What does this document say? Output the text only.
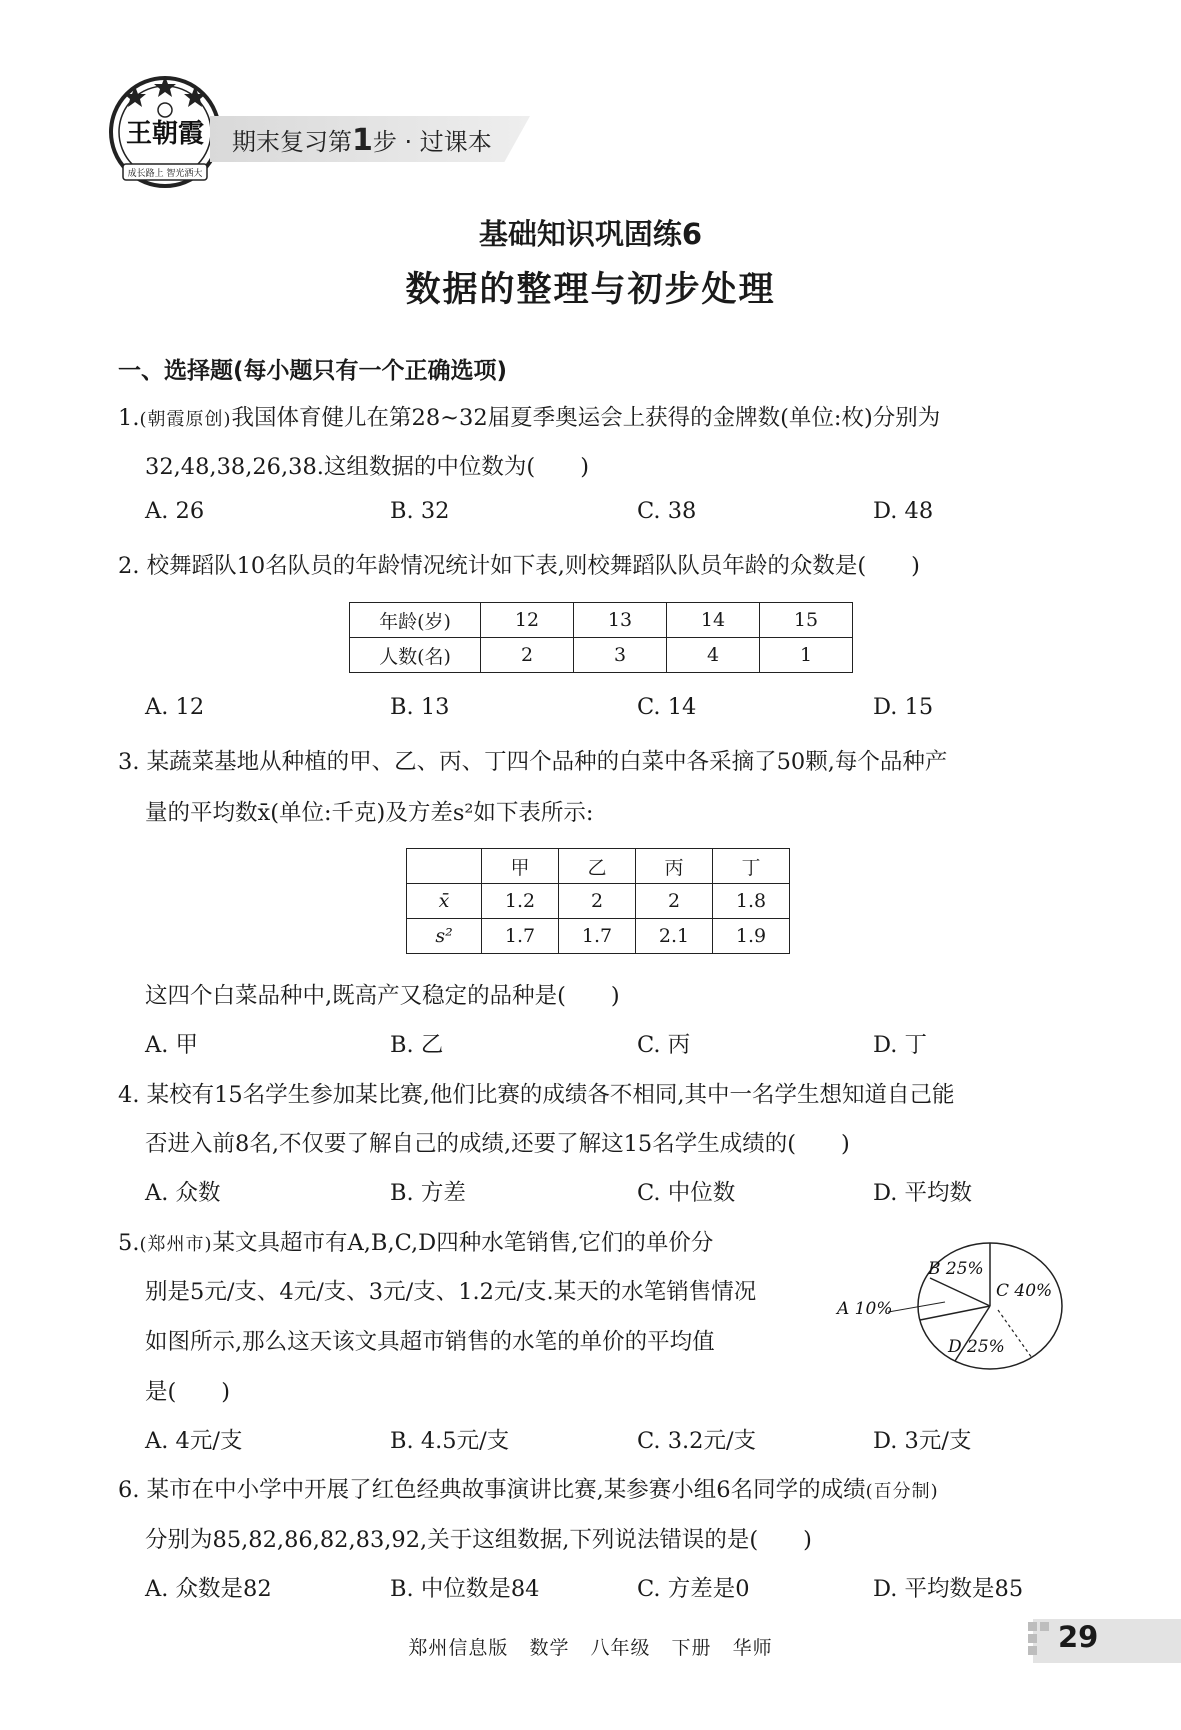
王朝霞
成长路上 智光洒大
期末复习第1步 · 过课本
基础知识巩固练6
数据的整理与初步处理
一、选择题(每小题只有一个正确选项)
1.(朝霞原创)我国体育健儿在第28~32届夏季奥运会上获得的金牌数(单位:枚)分别为
32,48,38,26,38.这组数据的中位数为(　　)
A. 26	B. 32	C. 38	D. 48
2. 校舞蹈队10名队员的年龄情况统计如下表,则校舞蹈队队员年龄的众数是(　　)
年龄(岁)	12	13	14	15
人数(名)	2	3	4	1
A. 12	B. 13	C. 14	D. 15
3. 某蔬菜基地从种植的甲、乙、丙、丁四个品种的白菜中各采摘了50颗,每个品种产
量的平均数x̄(单位:千克)及方差s²如下表所示:
	甲	乙	丙	丁
x̄	1.2	2	2	1.8
s²	1.7	1.7	2.1	1.9
这四个白菜品种中,既高产又稳定的品种是(　　)
A. 甲	B. 乙	C. 丙	D. 丁
4. 某校有15名学生参加某比赛,他们比赛的成绩各不相同,其中一名学生想知道自己能
否进入前8名,不仅要了解自己的成绩,还要了解这15名学生成绩的(　　)
A. 众数	B. 方差	C. 中位数	D. 平均数
5.(郑州市)某文具超市有A,B,C,D四种水笔销售,它们的单价分
别是5元/支、4元/支、3元/支、1.2元/支.某天的水笔销售情况
如图所示,那么这天该文具超市销售的水笔的单价的平均值
是(　　)
B 25%
C 40%
A 10%
D 25%
A. 4元/支	B. 4.5元/支	C. 3.2元/支	D. 3元/支
6. 某市在中小学中开展了红色经典故事演讲比赛,某参赛小组6名同学的成绩(百分制)
分别为85,82,86,82,83,92,关于这组数据,下列说法错误的是(　　)
A. 众数是82	B. 中位数是84	C. 方差是0	D. 平均数是85
郑州信息版 数学 八年级 下册 华师	29
